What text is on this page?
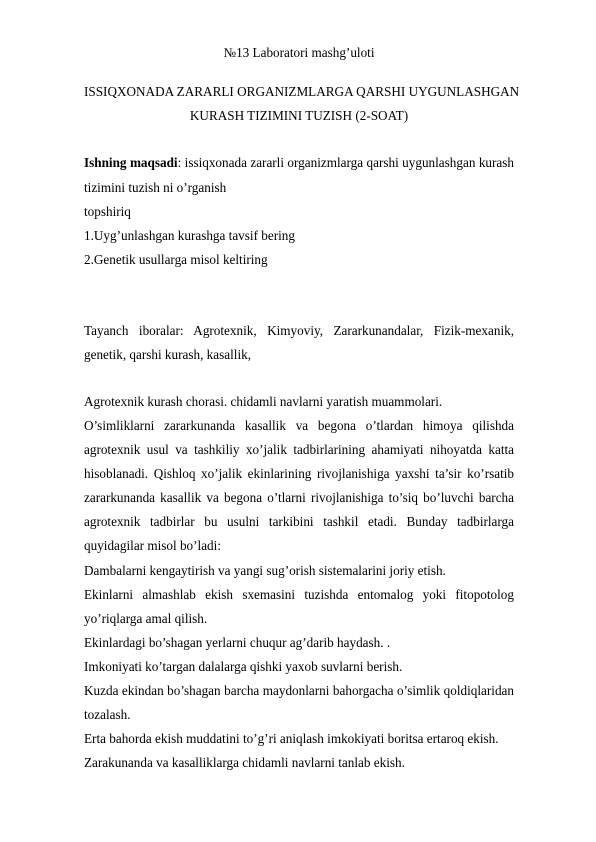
№13 Laboratori mashg’uloti
ISSIQXONADA ZARARLI ORGANIZMLARGA QARSHI UYGUNLASHGAN
KURASH TIZIMINI TUZISH (2-SOAT)
Ishning maqsadi: issiqxonada zararli organizmlarga qarshi uygunlashgan kurash
tizimini tuzish ni o’rganish
topshiriq
1.Uyg’unlashgan kurashga tavsif bering
2.Genetik usullarga misol keltiring
Tayanch iboralar: Agrotexnik, Kimyoviy, Zararkunandalar, Fizik-mexanik,
genetik, qarshi kurash, kasallik,
Agrotexnik kurash chorasi. chidamli navlarni yaratish muammolari.
O’simliklarni zararkunanda kasallik va begona o’tlardan himoya qilishda
agrotexnik usul va tashkiliy xo’jalik tadbirlarining ahamiyati nihoyatda katta
hisoblanadi. Qishloq xo’jalik ekinlarining rivojlanishiga yaxshi ta’sir ko’rsatib
zararkunanda kasallik va begona o’tlarni rivojlanishiga to’siq bo’luvchi barcha
agrotexnik tadbirlar bu usulni tarkibini tashkil etadi. Bunday tadbirlarga
quyidagilar misol bo’ladi:
Dambalarni kengaytirish va yangi sug’orish sistemalarini joriy etish.
Ekinlarni almashlab ekish sxemasini tuzishda entomalog yoki fitopotolog
yo’riqlarga amal qilish.
Ekinlardagi bo’shagan yerlarni chuqur ag’darib haydash. .
Imkoniyati ko’targan dalalarga qishki yaxob suvlarni berish.
Kuzda ekindan bo’shagan barcha maydonlarni bahorgacha o’simlik qoldiqlaridan
tozalash.
Erta bahorda ekish muddatini to’g’ri aniqlash imkokiyati boritsa ertaroq ekish.
Zarakunanda va kasalliklarga chidamli navlarni tanlab ekish.
